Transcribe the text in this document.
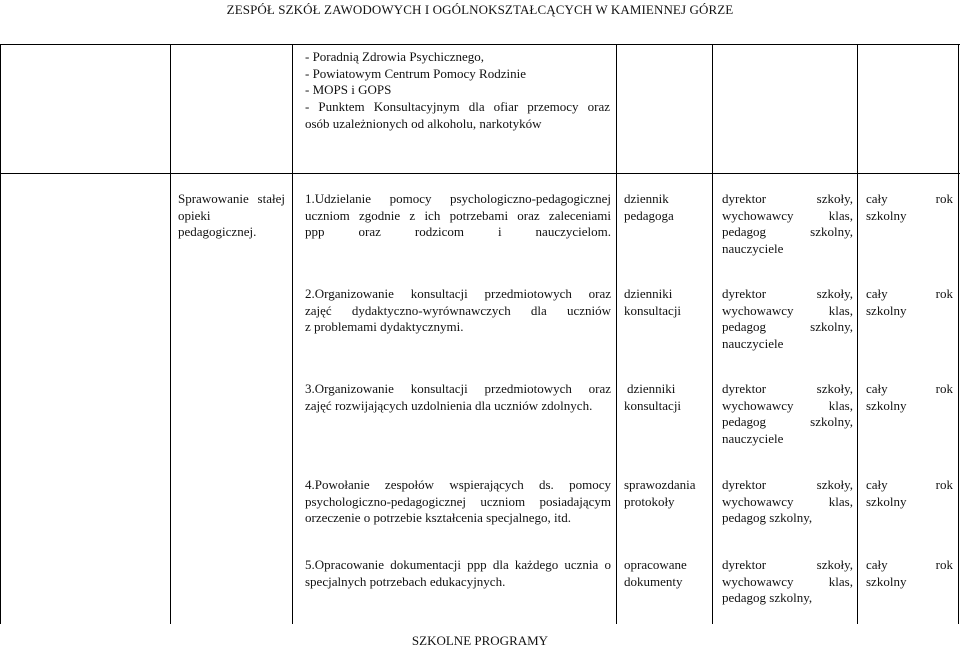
ZESPÓŁ SZKÓŁ ZAWODOWYCH I OGÓLNOKSZTAŁCĄCYCH W KAMIENNEJ GÓRZE
- Poradnią Zdrowia Psychicznego,
- Powiatowym Centrum Pomocy Rodzinie
- MOPS i GOPS
- Punktem Konsultacyjnym dla ofiar przemocy oraz
osób uzależnionych od alkoholu, narkotyków
Sprawowanie stałej
opieki
pedagogicznej.
1.Udzielanie pomocy psychologiczno-pedagogicznej
uczniom zgodnie z ich potrzebami oraz zaleceniami
ppp oraz rodzicom i nauczycielom.
dziennik
pedagoga
dyrektor szkoły,
wychowawcy klas,
pedagog szkolny,
nauczyciele
cały rok
szkolny
2.Organizowanie konsultacji przedmiotowych oraz
zajęć dydaktyczno-wyrównawczych dla uczniów
z problemami dydaktycznymi.
dzienniki
konsultacji
dyrektor szkoły,
wychowawcy klas,
pedagog szkolny,
nauczyciele
cały rok
szkolny
3.Organizowanie konsultacji przedmiotowych oraz
zajęć rozwijających uzdolnienia dla uczniów zdolnych.
dzienniki
konsultacji
dyrektor szkoły,
wychowawcy klas,
pedagog szkolny,
nauczyciele
cały rok
szkolny
4.Powołanie zespołów wspierających ds. pomocy
psychologiczno-pedagogicznej uczniom posiadającym
orzeczenie o potrzebie kształcenia specjalnego, itd.
sprawozdania
protokoły
dyrektor szkoły,
wychowawcy klas,
pedagog szkolny,
cały rok
szkolny
5.Opracowanie dokumentacji ppp dla każdego ucznia o
specjalnych potrzebach edukacyjnych.
opracowane
dokumenty
dyrektor szkoły,
wychowawcy klas,
pedagog szkolny,
cały rok
szkolny
SZKOLNE PROGRAMY
